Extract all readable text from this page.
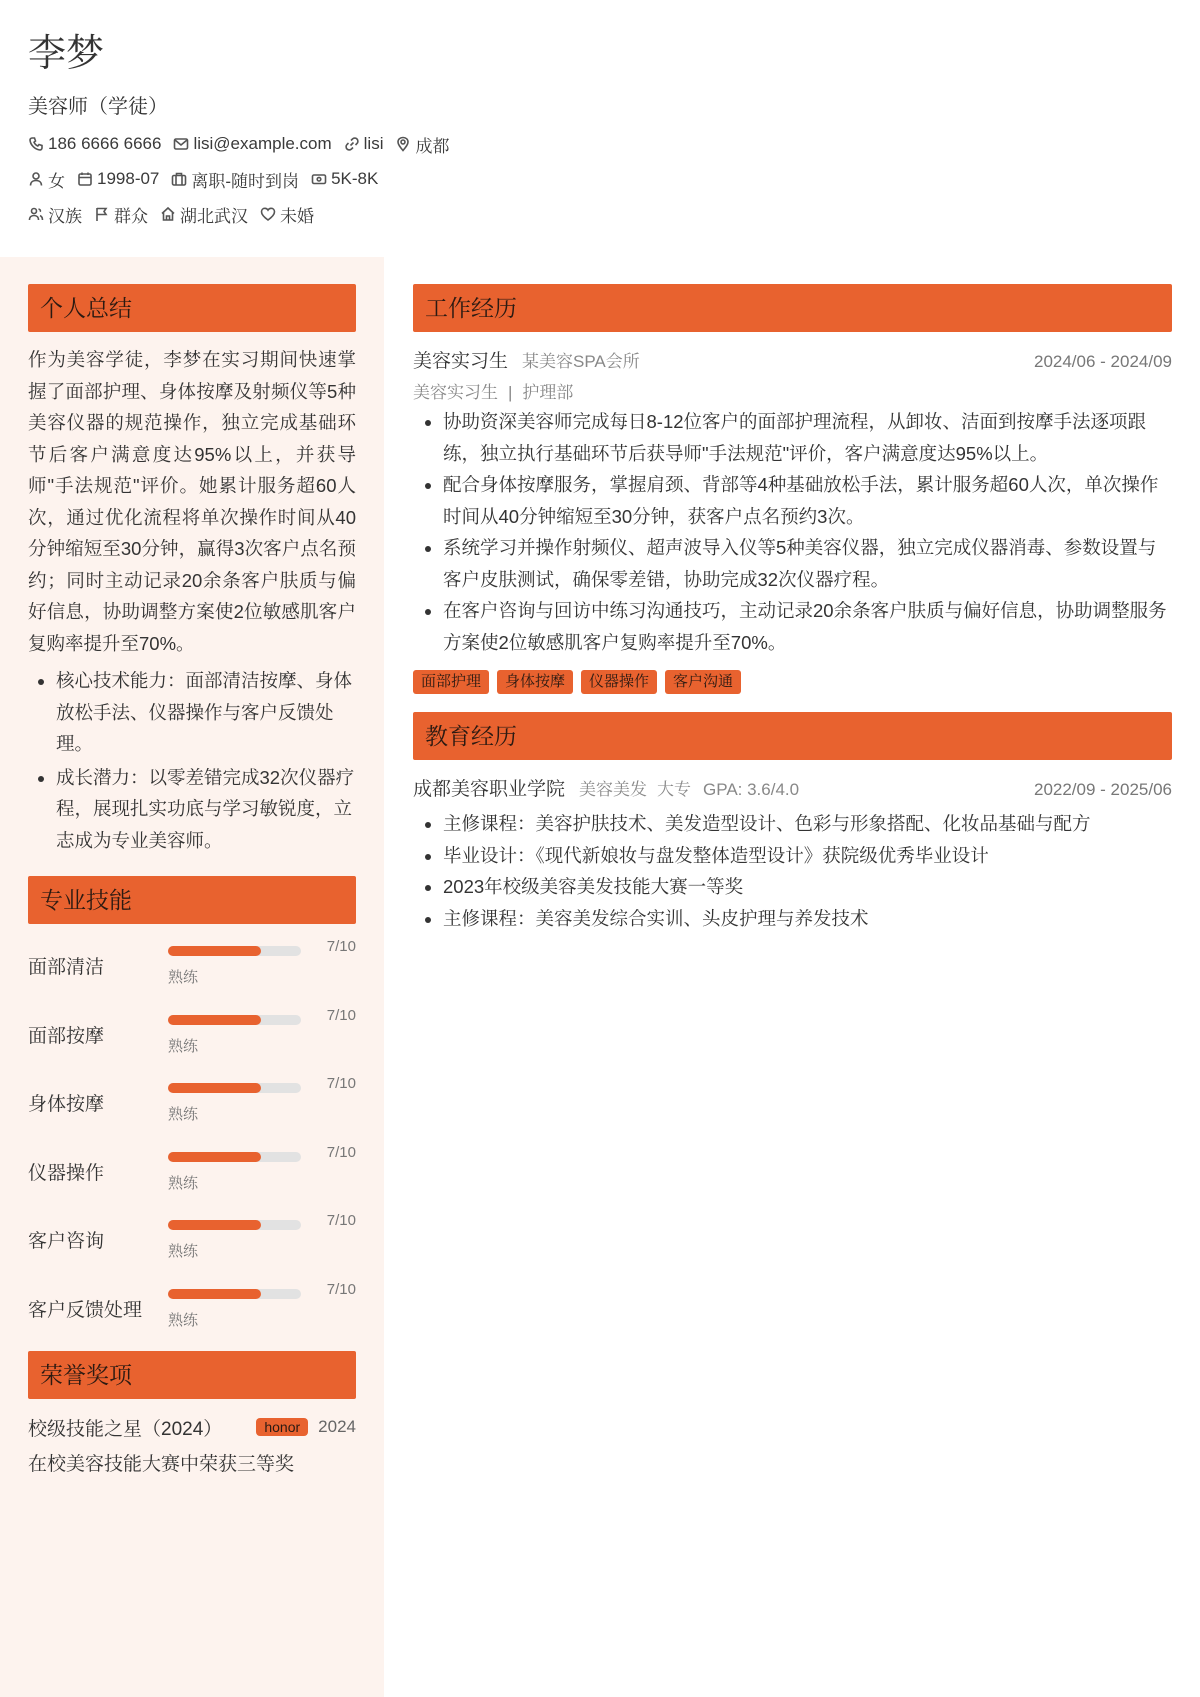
李梦
美容师（学徒）
186 6666 6666 lisi@example.com lisi 成都
女 1998-07 离职-随时到岗 5K-8K
汉族 群众 湖北武汉 未婚
个人总结
作为美容学徒，李梦在实习期间快速掌握了面部护理、身体按摩及射频仪等5种美容仪器的规范操作，独立完成基础环节后客户满意度达95%以上，并获导师"手法规范"评价。她累计服务超60人次，通过优化流程将单次操作时间从40分钟缩短至30分钟，赢得3次客户点名预约；同时主动记录20余条客户肤质与偏好信息，协助调整方案使2位敏感肌客户复购率提升至70%。
• 核心技术能力：面部清洁按摩、身体放松手法、仪器操作与客户反馈处理。
• 成长潜力：以零差错完成32次仪器疗程，展现扎实功底与学习敏锐度，立志成为专业美容师。
专业技能
面部清洁
7/10
熟练
面部按摩
7/10
熟练
身体按摩
7/10
熟练
仪器操作
7/10
熟练
客户咨询
7/10
熟练
客户反馈处理
7/10
熟练
荣誉奖项
校级技能之星（2024）	honor	2024
在校美容技能大赛中荣获三等奖
工作经历
美容实习生 某美容SPA会所	2024/06 - 2024/09
美容实习生 | 护理部
• 协助资深美容师完成每日8-12位客户的面部护理流程，从卸妆、洁面到按摩手法逐项跟练，独立执行基础环节后获导师"手法规范"评价，客户满意度达95%以上。
• 配合身体按摩服务，掌握肩颈、背部等4种基础放松手法，累计服务超60人次，单次操作时间从40分钟缩短至30分钟，获客户点名预约3次。
• 系统学习并操作射频仪、超声波导入仪等5种美容仪器，独立完成仪器消毒、参数设置与客户皮肤测试，确保零差错，协助完成32次仪器疗程。
• 在客户咨询与回访中练习沟通技巧，主动记录20余条客户肤质与偏好信息，协助调整服务方案使2位敏感肌客户复购率提升至70%。
面部护理	身体按摩	仪器操作	客户沟通
教育经历
成都美容职业学院 美容美发 大专 GPA: 3.6/4.0	2022/09 - 2025/06
• 主修课程：美容护肤技术、美发造型设计、色彩与形象搭配、化妆品基础与配方
• 毕业设计：《现代新娘妆与盘发整体造型设计》获院级优秀毕业设计
• 2023年校级美容美发技能大赛一等奖
• 主修课程：美容美发综合实训、头皮护理与养发技术
